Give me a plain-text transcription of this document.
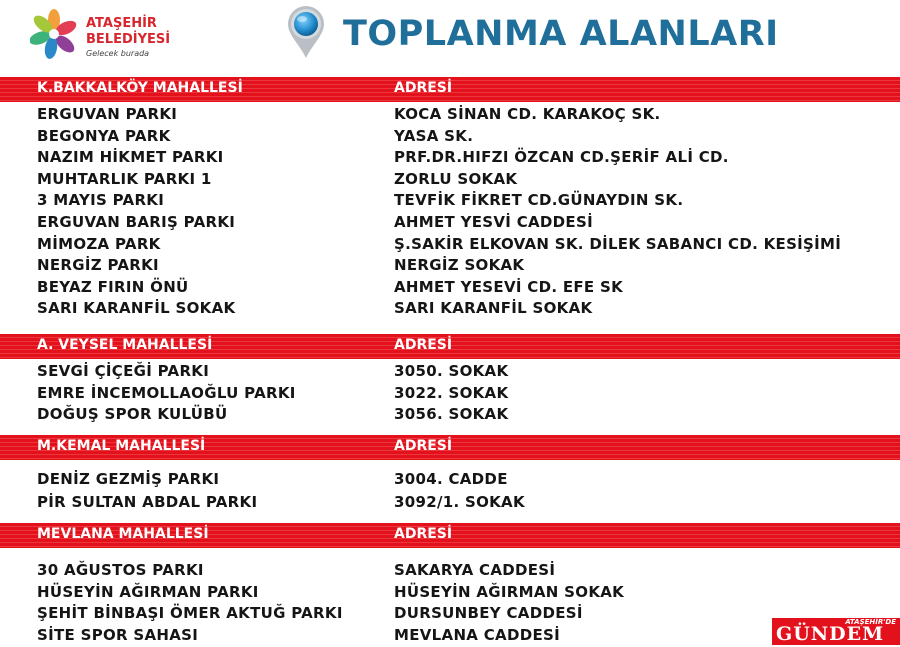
ATAŞEHİR
BELEDİYESİ
Gelecek burada	TOPLANMA ALANLARI
K.BAKKALKÖY MAHALLESİ	ADRESİ
ERGUVAN PARKI	KOCA SİNAN CD. KARAKOÇ SK.
BEGONYA PARK	YASA SK.
NAZIM HİKMET PARKI	PRF.DR.HIFZI ÖZCAN CD.ŞERİF ALİ CD.
MUHTARLIK PARKI 1	ZORLU SOKAK
3 MAYIS PARKI	TEVFİK FİKRET CD.GÜNAYDIN SK.
ERGUVAN BARIŞ PARKI	AHMET YESVİ CADDESİ
MİMOZA PARK	Ş.SAKİR ELKOVAN SK. DİLEK SABANCI CD. KESİŞİMİ
NERGİZ PARKI	NERGİZ SOKAK
BEYAZ FIRIN ÖNÜ	AHMET YESEVİ CD. EFE SK
SARI KARANFİL SOKAK	SARI KARANFİL SOKAK
A. VEYSEL MAHALLESİ	ADRESİ
SEVGİ ÇİÇEĞİ PARKI	3050. SOKAK
EMRE İNCEMOLLAOĞLU PARKI	3022. SOKAK
DOĞUŞ SPOR KULÜBÜ	3056. SOKAK
M.KEMAL MAHALLESİ	ADRESİ
DENİZ GEZMİŞ PARKI	3004. CADDE
PİR SULTAN ABDAL PARKI	3092/1. SOKAK
MEVLANA MAHALLESİ	ADRESİ
30 AĞUSTOS PARKI	SAKARYA CADDESİ
HÜSEYİN AĞIRMAN PARKI	HÜSEYİN AĞIRMAN SOKAK
ŞEHİT BİNBAŞI ÖMER AKTUĞ PARKI	DURSUNBEY CADDESİ
SİTE SPOR SAHASI	MEVLANA CADDESİ
ATAŞEHİR'DE
GÜNDEM
